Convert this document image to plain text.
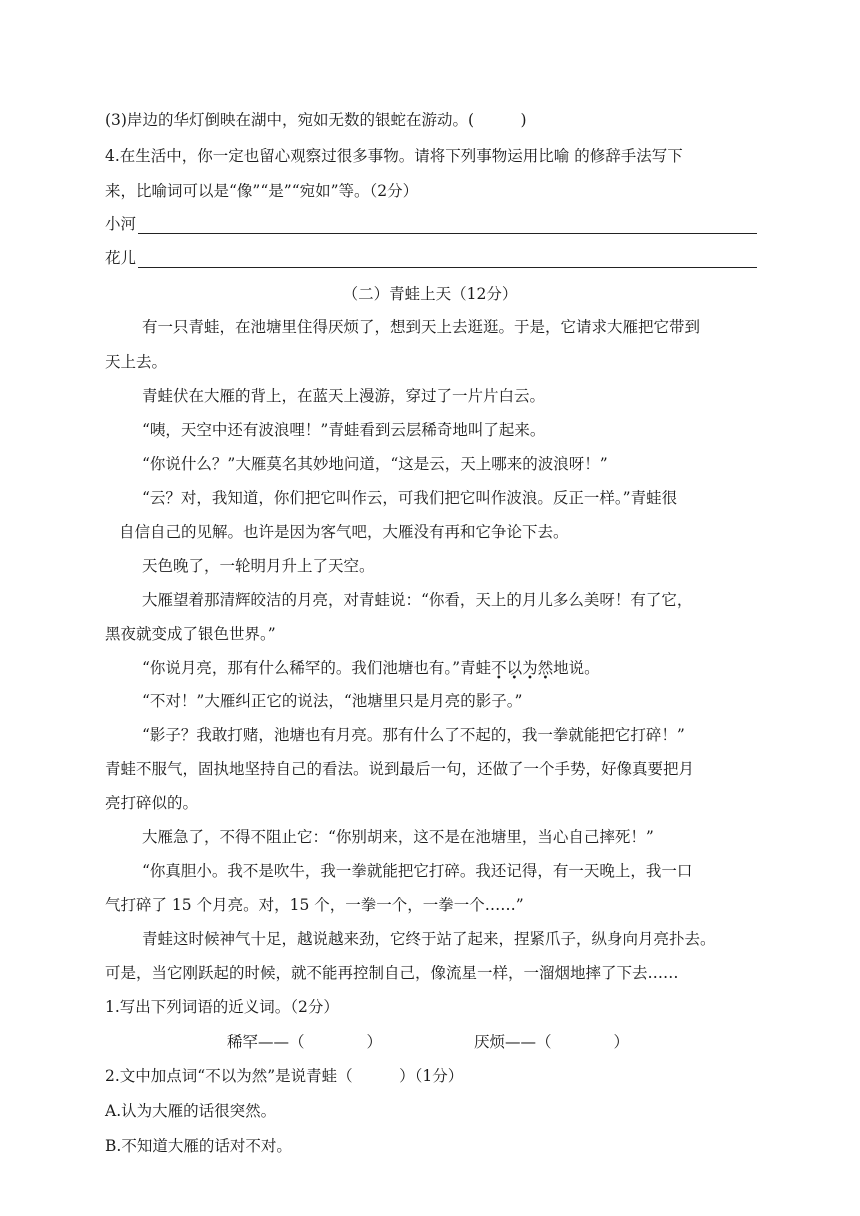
(3)岸边的华灯倒映在湖中，宛如无数的银蛇在游动。(　　　)
4.在生活中，你一定也留心观察过很多事物。请将下列事物运用比喻 的修辞手法写下
来，比喻词可以是“像”“是”“宛如”等。（2分）
小河
花儿
（二）青蛙上天（12分）
有一只青蛙，在池塘里住得厌烦了，想到天上去逛逛。于是，它请求大雁把它带到
天上去。
青蛙伏在大雁的背上，在蓝天上漫游，穿过了一片片白云。
“咦，天空中还有波浪哩！”青蛙看到云层稀奇地叫了起来。
“你说什么？”大雁莫名其妙地问道，“这是云，天上哪来的波浪呀！”
“云？对，我知道，你们把它叫作云，可我们把它叫作波浪。反正一样。”青蛙很
自信自己的见解。也许是因为客气吧，大雁没有再和它争论下去。
天色晚了，一轮明月升上了天空。
大雁望着那清辉皎洁的月亮，对青蛙说：“你看，天上的月儿多么美呀！有了它，
黑夜就变成了银色世界。”
“你说月亮，那有什么稀罕的。我们池塘也有。”青蛙不以为然地说。
“不对！”大雁纠正它的说法，“池塘里只是月亮的影子。”
“影子？我敢打赌，池塘也有月亮。那有什么了不起的，我一拳就能把它打碎！”
青蛙不服气，固执地坚持自己的看法。说到最后一句，还做了一个手势，好像真要把月
亮打碎似的。
大雁急了，不得不阻止它：“你别胡来，这不是在池塘里，当心自己摔死！”
“你真胆小。我不是吹牛，我一拳就能把它打碎。我还记得，有一天晚上，我一口
气打碎了 15 个月亮。对，15 个，一拳一个，一拳一个……”
青蛙这时候神气十足，越说越来劲，它终于站了起来，捏紧爪子，纵身向月亮扑去。
可是，当它刚跃起的时候，就不能再控制自己，像流星一样，一溜烟地摔了下去……
1.写出下列词语的近义词。（2分）
稀罕——（　　　　）	厌烦——（　　　　）
2.文中加点词“不以为然”是说青蛙（　　　）（1分）
A.认为大雁的话很突然。
B.不知道大雁的话对不对。
